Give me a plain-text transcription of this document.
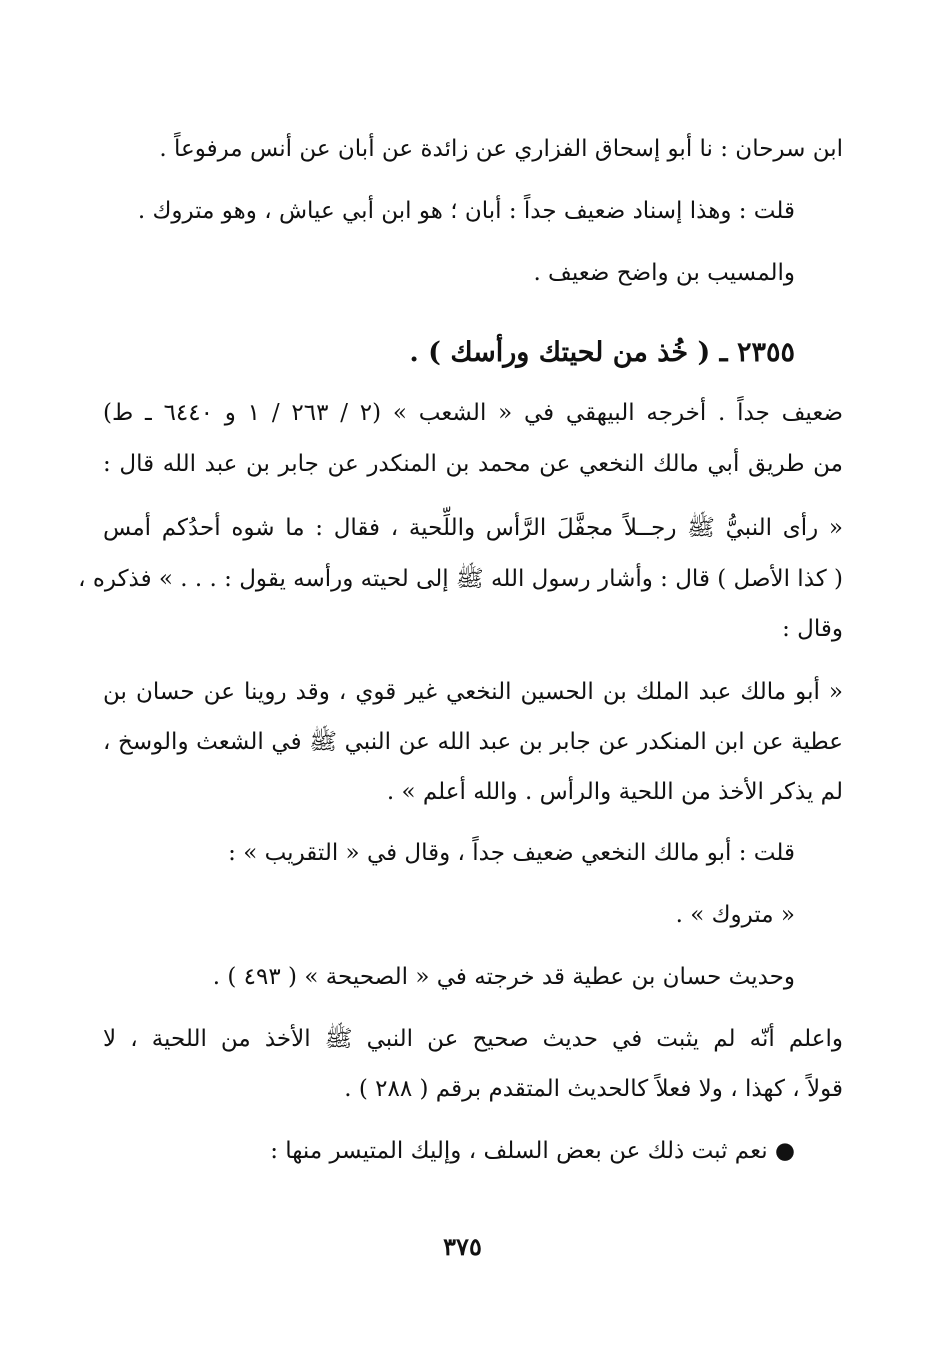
ابن سرحان : نا أبو إسحاق الفزاري عن زائدة عن أبان عن أنس مرفوعاً .
قلت : وهذا إسناد ضعيف جداً : أبان ؛ هو ابن أبي عياش ، وهو متروك .
والمسيب بن واضح ضعيف .
٢٣٥٥ ـ ( خُذ من لحيتك ورأسك ) .
ضعيف جداً . أخرجه البيهقي في « الشعب » (٢ / ٢٦٣ / ١ و ٦٤٤٠ ـ ط)
من طريق أبي مالك النخعي عن محمد بن المنكدر عن جابر بن عبد الله قال :
« رأى النبيُّ ﷺ رجــلاً مجفَّلَ الرَّأس واللِّحية ، فقال : ما شوه أحدُكم أمس
( كذا الأصل ) قال : وأشار رسول الله ﷺ إلى لحيته ورأسه يقول : . . . » فذكره ،
وقال :
« أبو مالك عبد الملك بن الحسين النخعي غير قوي ، وقد روينا عن حسان بن
عطية عن ابن المنكدر عن جابر بن عبد الله عن النبي ﷺ في الشعث والوسخ ،
لم يذكر الأخذ من اللحية والرأس . والله أعلم » .
قلت : أبو مالك النخعي ضعيف جداً ، وقال في « التقريب » :
« متروك » .
وحديث حسان بن عطية قد خرجته في « الصحيحة » ( ٤٩٣ ) .
واعلم أنّه لم يثبت في حديث صحيح عن النبي ﷺ الأخذ من اللحية ، لا
قولاً ، كهذا ، ولا فعلاً كالحديث المتقدم برقم ( ٢٨٨ ) .
● نعم ثبت ذلك عن بعض السلف ، وإليك المتيسر منها :
٣٧٥
